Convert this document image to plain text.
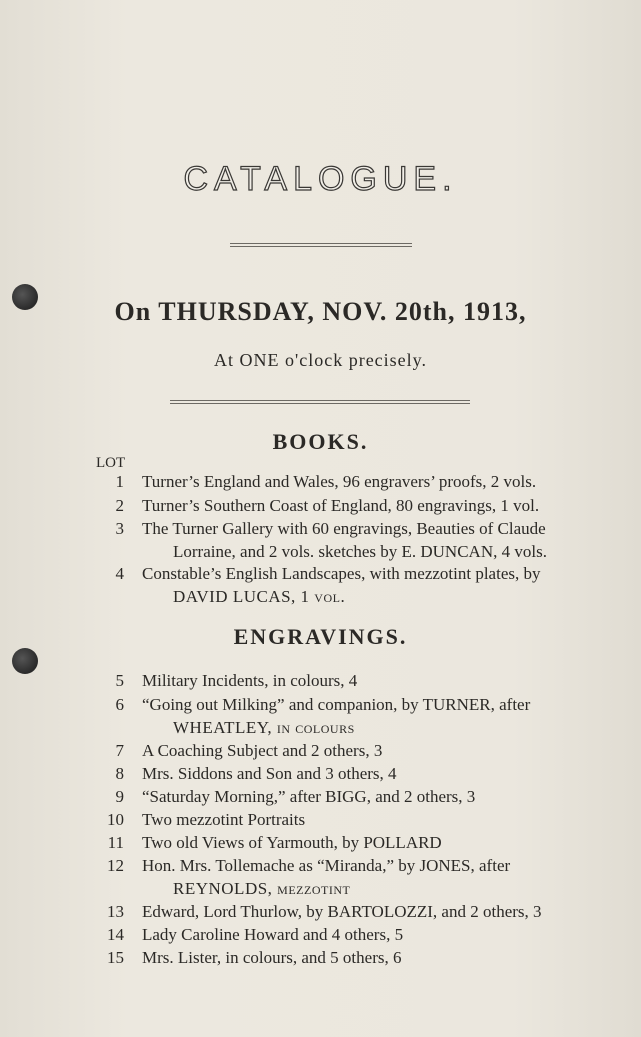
CATALOGUE.
On THURSDAY, NOV. 20th, 1913,
At ONE o'clock precisely.
BOOKS.
LOT
1 Turner’s England and Wales, 96 engravers’ proofs, 2 vols.
2 Turner’s Southern Coast of England, 80 engravings, 1 vol.
3 The Turner Gallery with 60 engravings, Beauties of Claude
Lorraine, and 2 vols. sketches by E. DUNCAN, 4 vols.
4 Constable’s English Landscapes, with mezzotint plates, by
DAVID LUCAS, 1 vol.
ENGRAVINGS.
5 Military Incidents, in colours, 4
6 “Going out Milking” and companion, by TURNER, after
WHEATLEY, in colours
7 A Coaching Subject and 2 others, 3
8 Mrs. Siddons and Son and 3 others, 4
9 “Saturday Morning,” after BIGG, and 2 others, 3
10 Two mezzotint Portraits
11 Two old Views of Yarmouth, by POLLARD
12 Hon. Mrs. Tollemache as “Miranda,” by JONES, after
REYNOLDS, mezzotint
13 Edward, Lord Thurlow, by BARTOLOZZI, and 2 others, 3
14 Lady Caroline Howard and 4 others, 5
15 Mrs. Lister, in colours, and 5 others, 6
